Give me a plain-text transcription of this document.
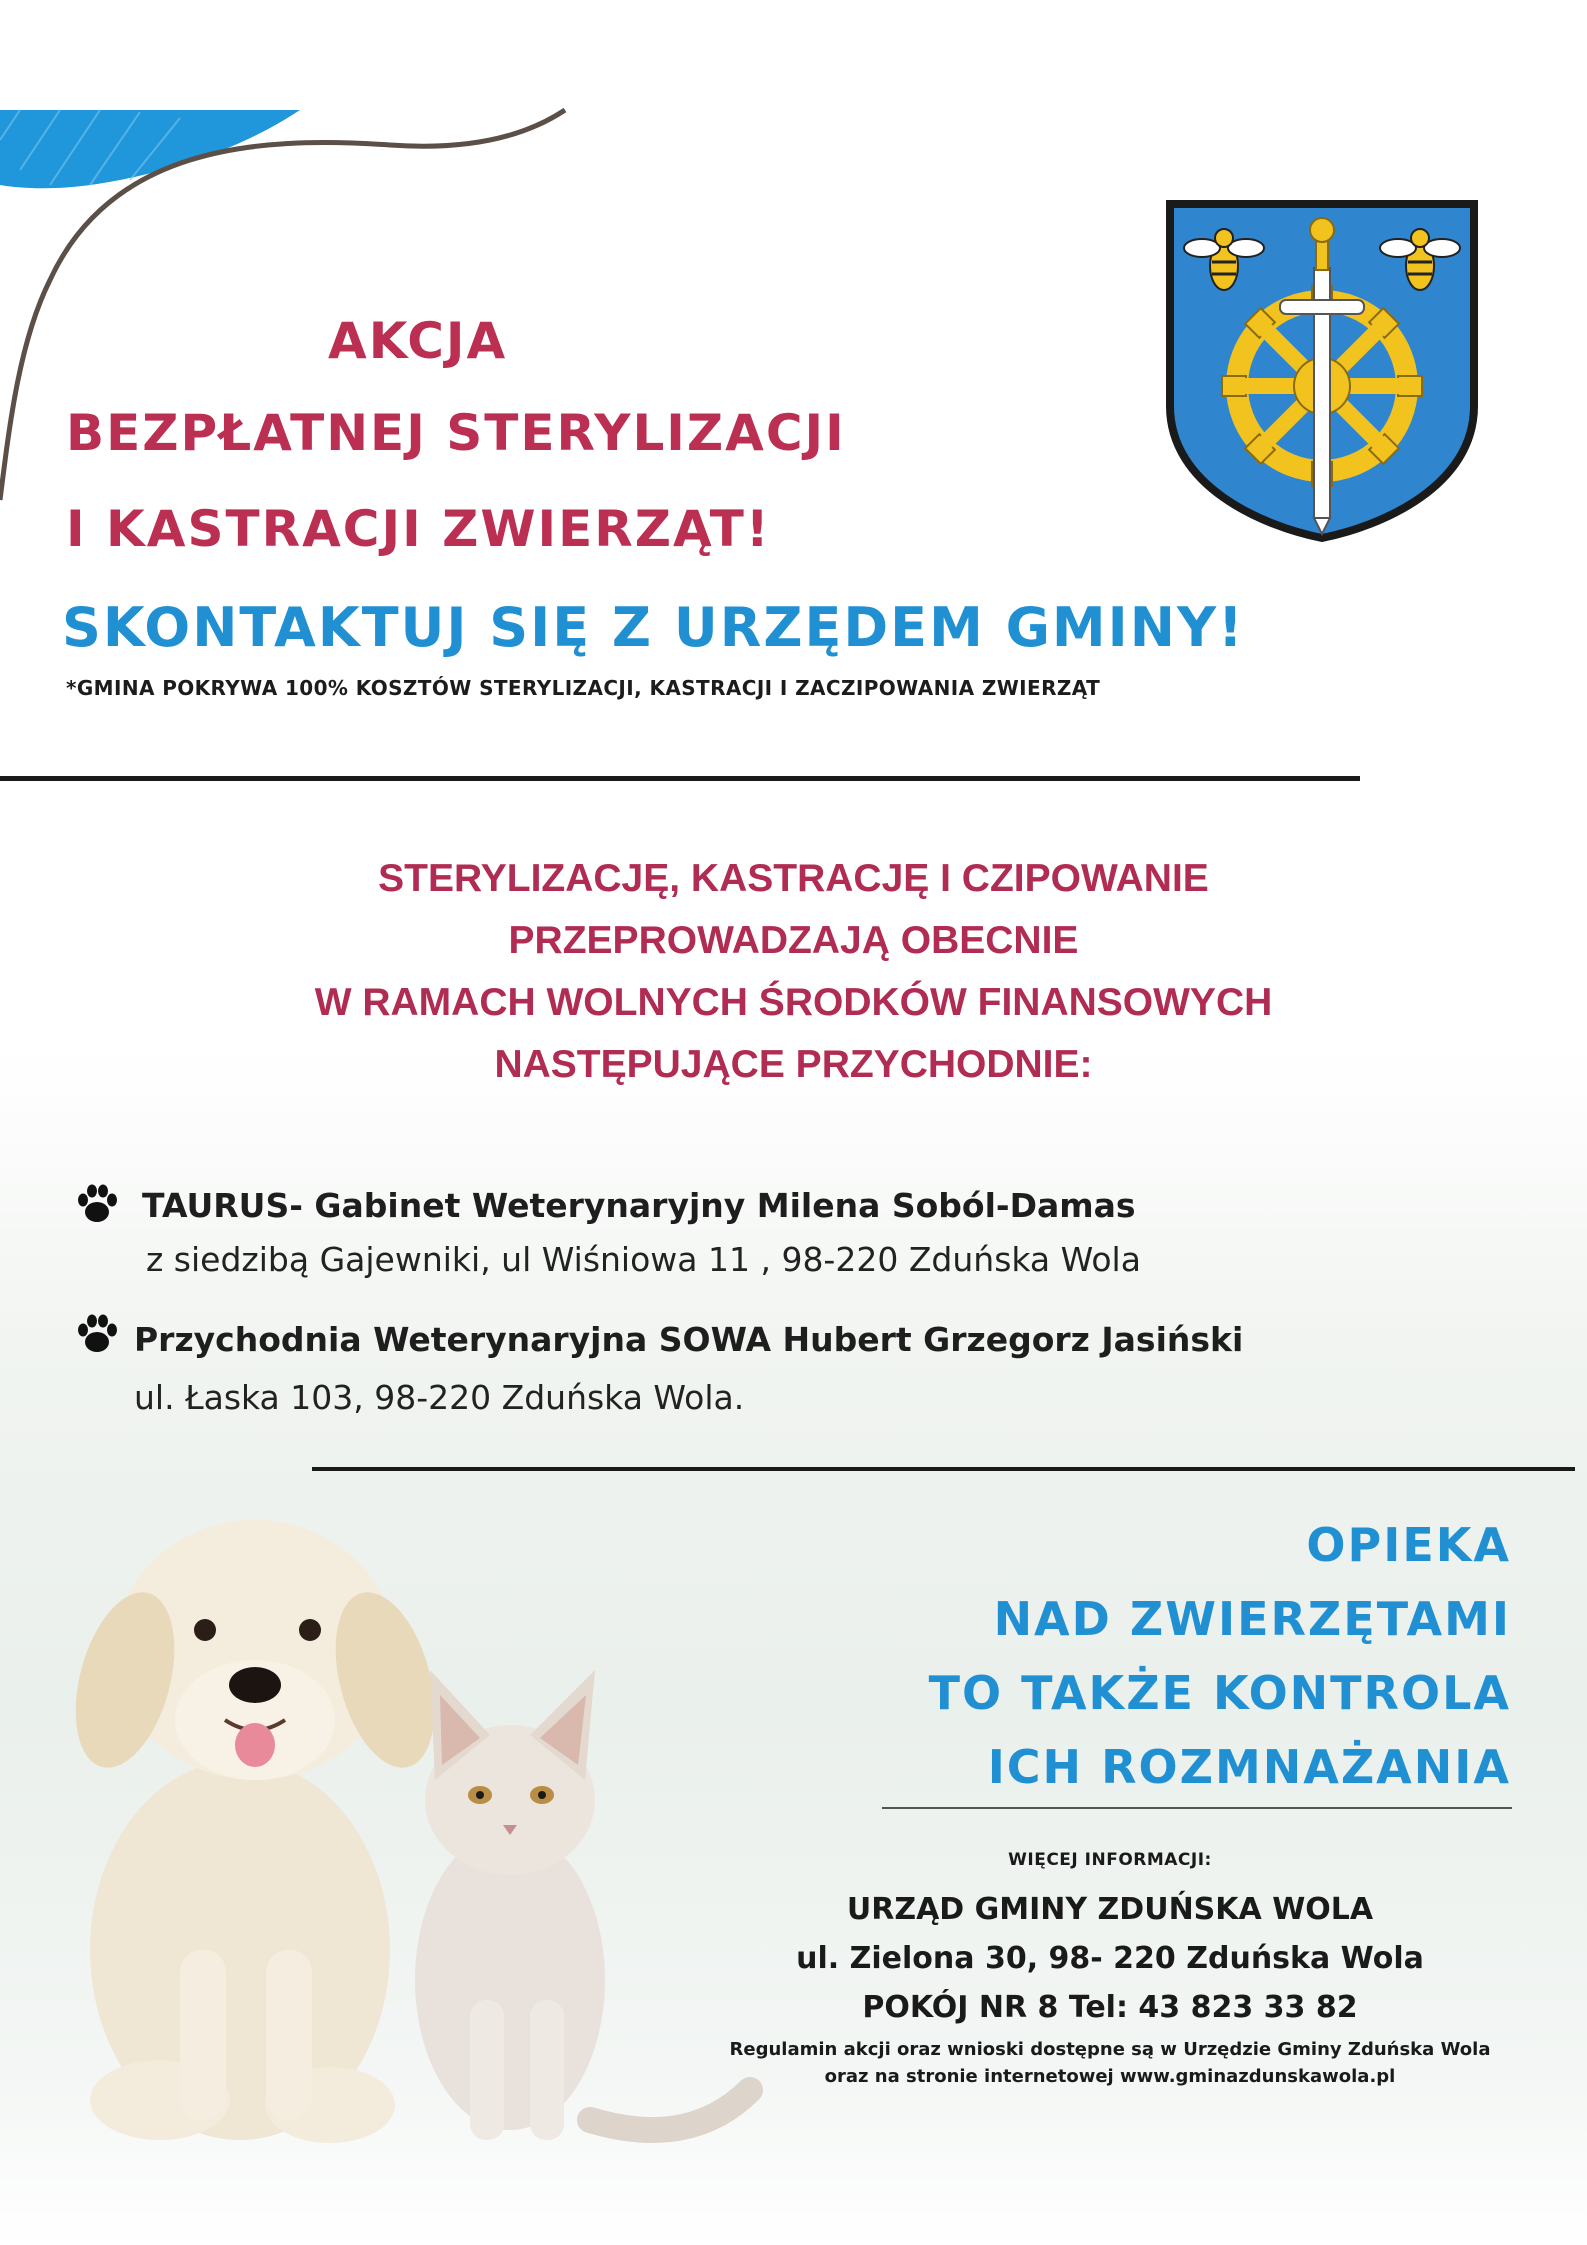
AKCJA
BEZPŁATNEJ STERYLIZACJI
I KASTRACJI ZWIERZĄT!
SKONTAKTUJ SIĘ Z URZĘDEM GMINY!
*GMINA POKRYWA 100% KOSZTÓW STERYLIZACJI, KASTRACJI I ZACZIPOWANIA ZWIERZĄT
STERYLIZACJĘ, KASTRACJĘ I CZIPOWANIE
PRZEPROWADZAJĄ OBECNIE
W RAMACH WOLNYCH ŚRODKÓW FINANSOWYCH
NASTĘPUJĄCE PRZYCHODNIE:
TAURUS- Gabinet Weterynaryjny Milena Soból-Damas
z siedzibą Gajewniki, ul Wiśniowa 11 , 98-220 Zduńska Wola
Przychodnia Weterynaryjna SOWA Hubert Grzegorz Jasiński
ul. Łaska 103, 98-220 Zduńska Wola.
OPIEKA
NAD ZWIERZĘTAMI
TO TAKŻE KONTROLA
ICH ROZMNAŻANIA
WIĘCEJ INFORMACJI:
URZĄD GMINY ZDUŃSKA WOLA
ul. Zielona 30, 98- 220 Zduńska Wola
POKÓJ NR 8 Tel: 43 823 33 82
Regulamin akcji oraz wnioski dostępne są w Urzędzie Gminy Zduńska Wola
oraz na stronie internetowej www.gminazdunskawola.pl
